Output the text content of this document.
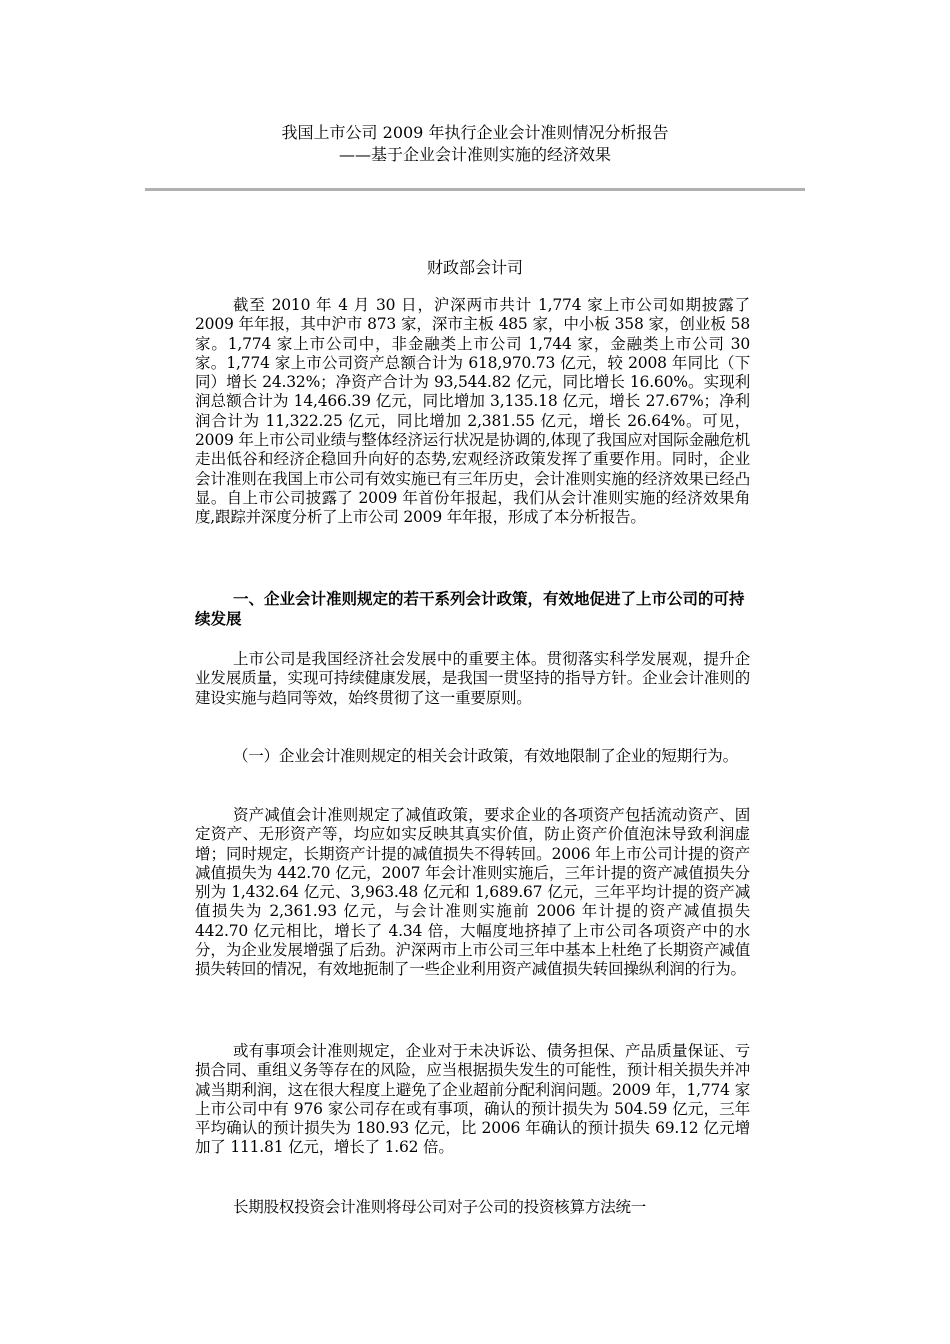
我国上市公司 2009 年执行企业会计准则情况分析报告
——基于企业会计准则实施的经济效果
财政部会计司

截至 2010 年 4 月 30 日，沪深两市共计 1,774 家上市公司如期披露了 2009 年年报，其中沪市 873 家，深市主板 485 家，中小板 358 家，创业板 58 家。1,774 家上市公司中，非金融类上市公司 1,744 家，金融类上市公司 30 家。1,774 家上市公司资产总额合计为 618,970.73 亿元，较 2008 年同比（下同）增长 24.32%；净资产合计为 93,544.82 亿元，同比增长 16.60%。实现利润总额合计为 14,466.39 亿元，同比增加 3,135.18 亿元，增长 27.67%；净利润合计为 11,322.25 亿元，同比增加 2,381.55 亿元，增长 26.64%。可见，2009 年上市公司业绩与整体经济运行状况是协调的,体现了我国应对国际金融危机走出低谷和经济企稳回升向好的态势,宏观经济政策发挥了重要作用。同时，企业会计准则在我国上市公司有效实施已有三年历史，会计准则实施的经济效果已经凸显。自上市公司披露了 2009 年首份年报起，我们从会计准则实施的经济效果角度,跟踪并深度分析了上市公司 2009 年年报，形成了本分析报告。

一、企业会计准则规定的若干系列会计政策，有效地促进了上市公司的可持续发展

上市公司是我国经济社会发展中的重要主体。贯彻落实科学发展观，提升企业发展质量，实现可持续健康发展，是我国一贯坚持的指导方针。企业会计准则的建设实施与趋同等效，始终贯彻了这一重要原则。

（一）企业会计准则规定的相关会计政策，有效地限制了企业的短期行为。

资产减值会计准则规定了减值政策，要求企业的各项资产包括流动资产、固定资产、无形资产等，均应如实反映其真实价值，防止资产价值泡沫导致利润虚增；同时规定，长期资产计提的减值损失不得转回。2006 年上市公司计提的资产减值损失为 442.70 亿元，2007 年会计准则实施后，三年计提的资产减值损失分别为 1,432.64 亿元、3,963.48 亿元和 1,689.67 亿元，三年平均计提的资产减值损失为 2,361.93 亿元，与会计准则实施前 2006 年计提的资产减值损失 442.70 亿元相比，增长了 4.34 倍，大幅度地挤掉了上市公司各项资产中的水分，为企业发展增强了后劲。沪深两市上市公司三年中基本上杜绝了长期资产减值损失转回的情况，有效地扼制了一些企业利用资产减值损失转回操纵利润的行为。

或有事项会计准则规定，企业对于未决诉讼、债务担保、产品质量保证、亏损合同、重组义务等存在的风险，应当根据损失发生的可能性，预计相关损失并冲减当期利润，这在很大程度上避免了企业超前分配利润问题。2009 年，1,774 家上市公司中有 976 家公司存在或有事项，确认的预计损失为 504.59 亿元，三年平均确认的预计损失为 180.93 亿元，比 2006 年确认的预计损失 69.12 亿元增加了 111.81 亿元，增长了 1.62 倍。

长期股权投资会计准则将母公司对子公司的投资核算方法统一
